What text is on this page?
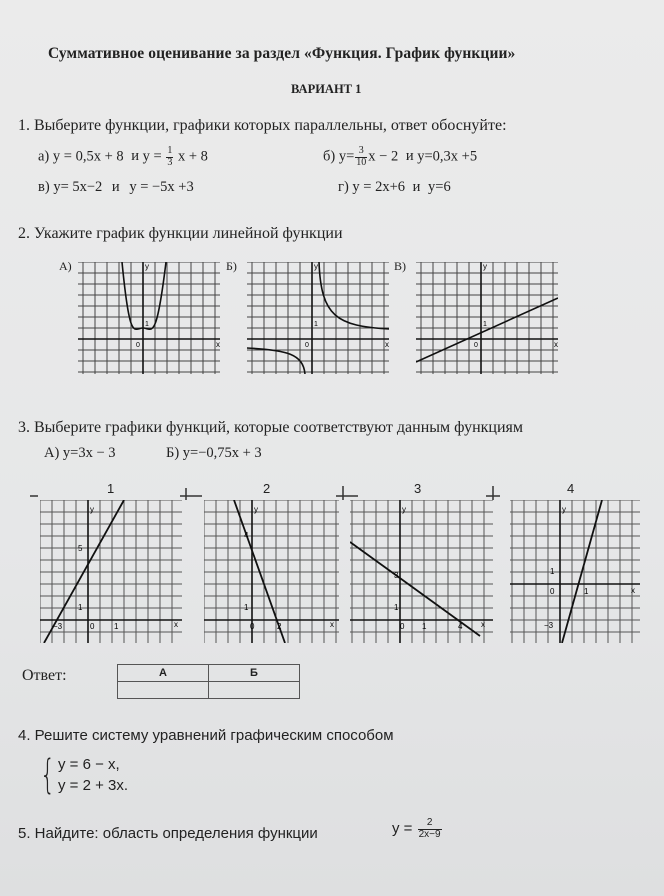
Суммативное оценивание за раздел «Функция. График функции»
ВАРИАНТ 1
1. Выберите функции, графики которых параллельны, ответ обоснуйте:
а) y = 0,5x + 8 и $y = \frac{1}{3}$ x + 8	б) $y= \frac{3}{10}$ x − 2 и y=0,3x +5
в) y= 5x−2 и y = −5x +3	г) y = 2x+6 и y=6
2. Укажите график функции линейной функции
А)	Б)	В)
y
x
0
1
y
x
0
1
y
x
0
1
3. Выберите графики функций, которые соответствуют данным функциям
А) y=3x − 3	Б) y=−0,75x + 3
1	2	3	4
y
x
5
1
−3	0 1
y
x
4
1
0	2
y
x
3
1
0 1	4
y
x
1
0	1
−3
Ответ:	А	Б

4. Решите систему уравнений графическим способом
{ y = 6 − x,
y = 2 + 3x.
5. Найдите: область определения функции	$y = \frac{2}{2x-9}$
